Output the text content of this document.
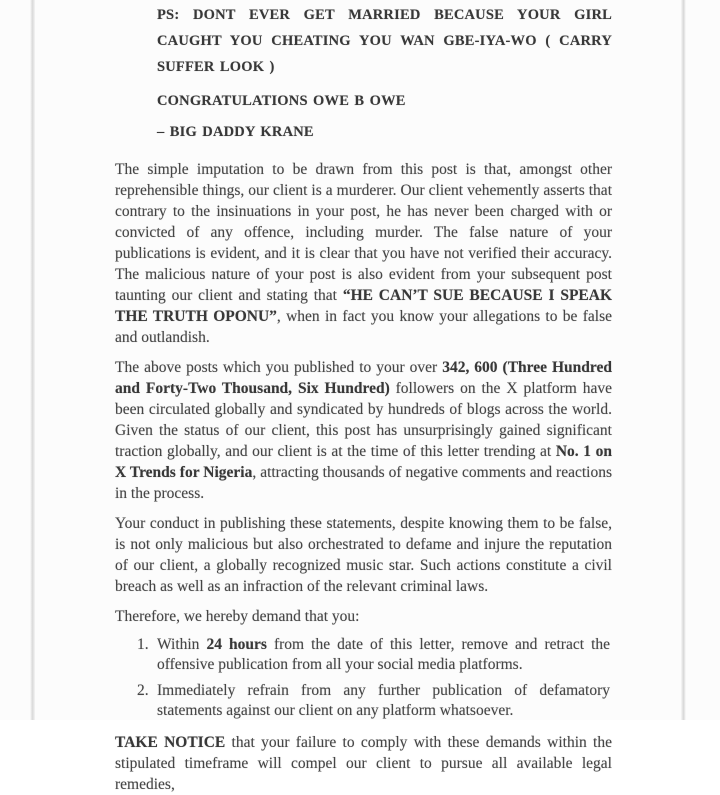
PS: DONT EVER GET MARRIED BECAUSE YOUR GIRL CAUGHT YOU CHEATING YOU WAN GBE-IYA-WO ( CARRY SUFFER LOOK )

CONGRATULATIONS OWE B OWE

– BIG DADDY KRANE

The simple imputation to be drawn from this post is that, amongst other reprehensible things, our client is a murderer. Our client vehemently asserts that contrary to the insinuations in your post, he has never been charged with or convicted of any offence, including murder. The false nature of your publications is evident, and it is clear that you have not verified their accuracy. The malicious nature of your post is also evident from your subsequent post taunting our client and stating that “HE CAN’T SUE BECAUSE I SPEAK THE TRUTH OPONU”, when in fact you know your allegations to be false and outlandish.

The above posts which you published to your over 342, 600 (Three Hundred and Forty-Two Thousand, Six Hundred) followers on the X platform have been circulated globally and syndicated by hundreds of blogs across the world. Given the status of our client, this post has unsurprisingly gained significant traction globally, and our client is at the time of this letter trending at No. 1 on X Trends for Nigeria, attracting thousands of negative comments and reactions in the process.

Your conduct in publishing these statements, despite knowing them to be false, is not only malicious but also orchestrated to defame and injure the reputation of our client, a globally recognized music star. Such actions constitute a civil breach as well as an infraction of the relevant criminal laws.

Therefore, we hereby demand that you:

1. Within 24 hours from the date of this letter, remove and retract the offensive publication from all your social media platforms.
2. Immediately refrain from any further publication of defamatory statements against our client on any platform whatsoever.

TAKE NOTICE that your failure to comply with these demands within the stipulated timeframe will compel our client to pursue all available legal remedies,
